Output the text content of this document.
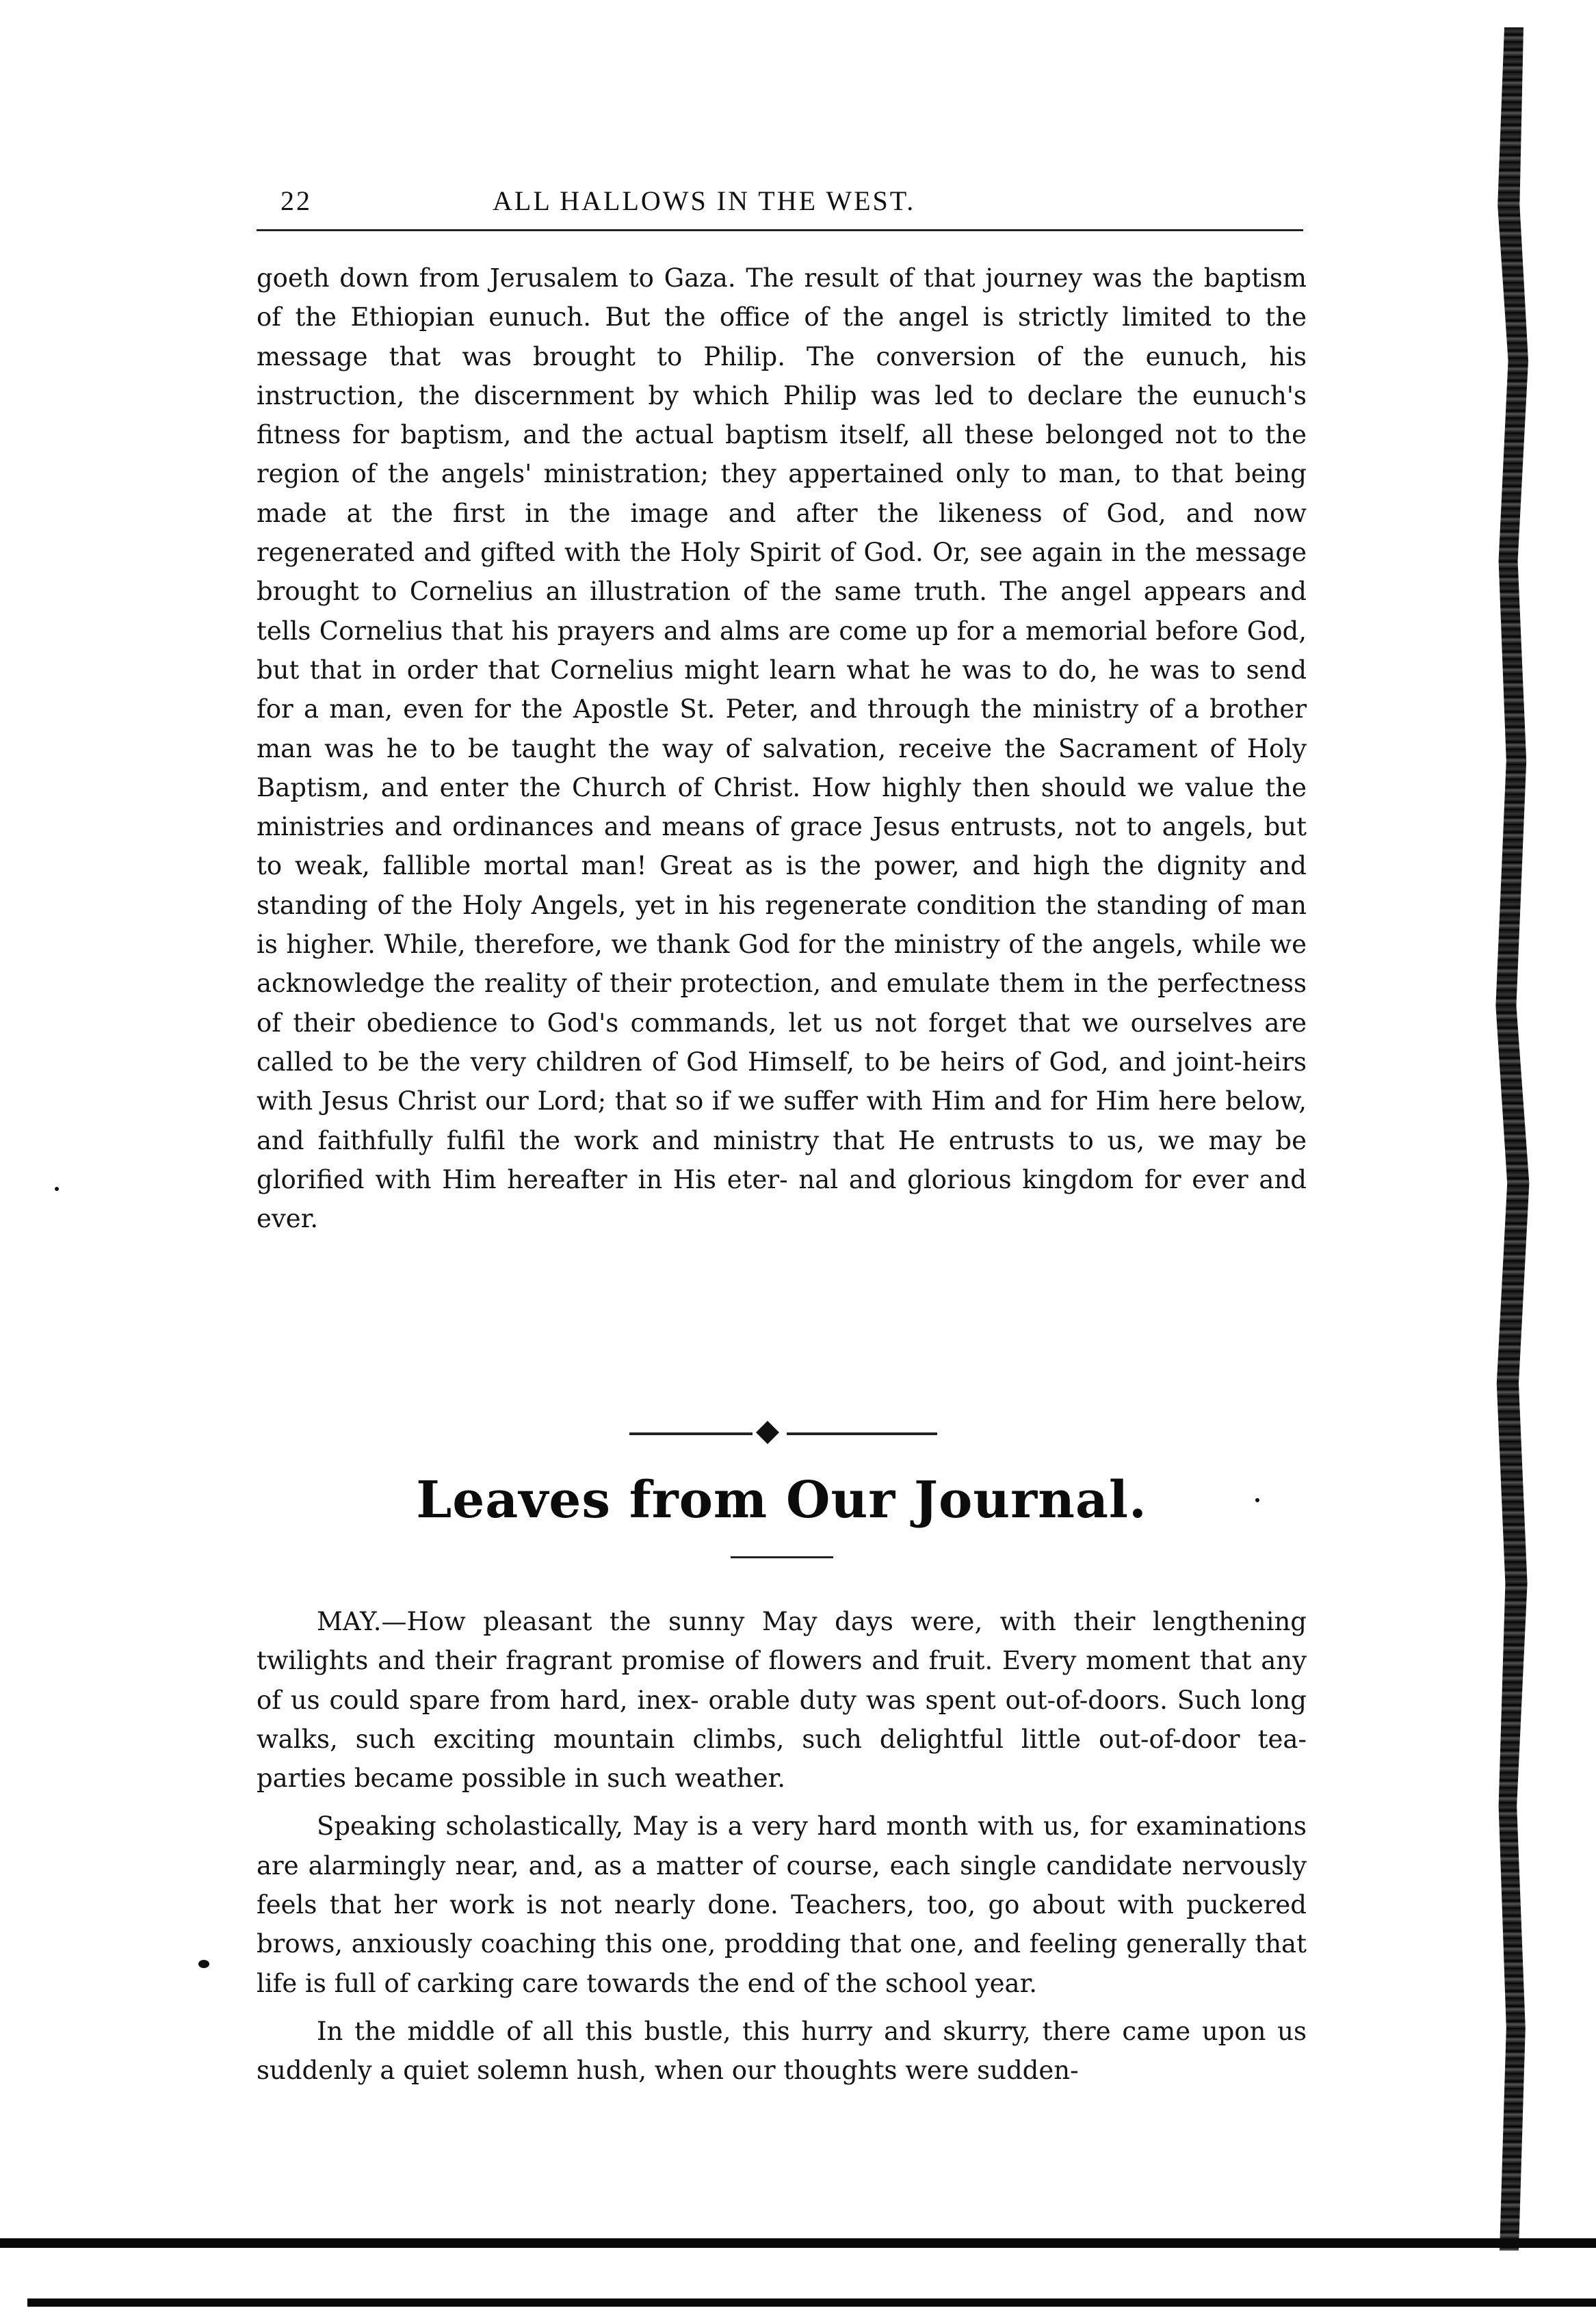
22	ALL HALLOWS IN THE WEST.

goeth down from Jerusalem to Gaza. The result of that journey was the baptism of the Ethiopian eunuch. But the office of the angel is strictly limited to the message that was brought to Philip. The conversion of the eunuch, his instruction, the discernment by which Philip was led to declare the eunuch's fitness for baptism, and the actual baptism itself, all these belonged not to the region of the angels' ministration; they appertained only to man, to that being made at the first in the image and after the likeness of God, and now regenerated and gifted with the Holy Spirit of God. Or, see again in the message brought to Cornelius an illustration of the same truth. The angel appears and tells Cornelius that his prayers and alms are come up for a memorial before God, but that in order that Cornelius might learn what he was to do, he was to send for a man, even for the Apostle St. Peter, and through the ministry of a brother man was he to be taught the way of salvation, receive the Sacrament of Holy Baptism, and enter the Church of Christ. How highly then should we value the ministries and ordinances and means of grace Jesus entrusts, not to angels, but to weak, fallible mortal man! Great as is the power, and high the dignity and standing of the Holy Angels, yet in his regenerate condition the standing of man is higher. While, therefore, we thank God for the ministry of the angels, while we acknowledge the reality of their protection, and emulate them in the perfectness of their obedience to God's commands, let us not forget that we ourselves are called to be the very children of God Himself, to be heirs of God, and joint-heirs with Jesus Christ our Lord; that so if we suffer with Him and for Him here below, and faithfully fulfil the work and ministry that He entrusts to us, we may be glorified with Him hereafter in His eter- nal and glorious kingdom for ever and ever.

Leaves from Our Journal.

MAY.—How pleasant the sunny May days were, with their lengthening twilights and their fragrant promise of flowers and fruit. Every moment that any of us could spare from hard, inex- orable duty was spent out-of-doors. Such long walks, such exciting mountain climbs, such delightful little out-of-door tea-parties became possible in such weather.

Speaking scholastically, May is a very hard month with us, for examinations are alarmingly near, and, as a matter of course, each single candidate nervously feels that her work is not nearly done. Teachers, too, go about with puckered brows, anxiously coaching this one, prodding that one, and feeling generally that life is full of carking care towards the end of the school year.

In the middle of all this bustle, this hurry and skurry, there came upon us suddenly a quiet solemn hush, when our thoughts were sudden-
